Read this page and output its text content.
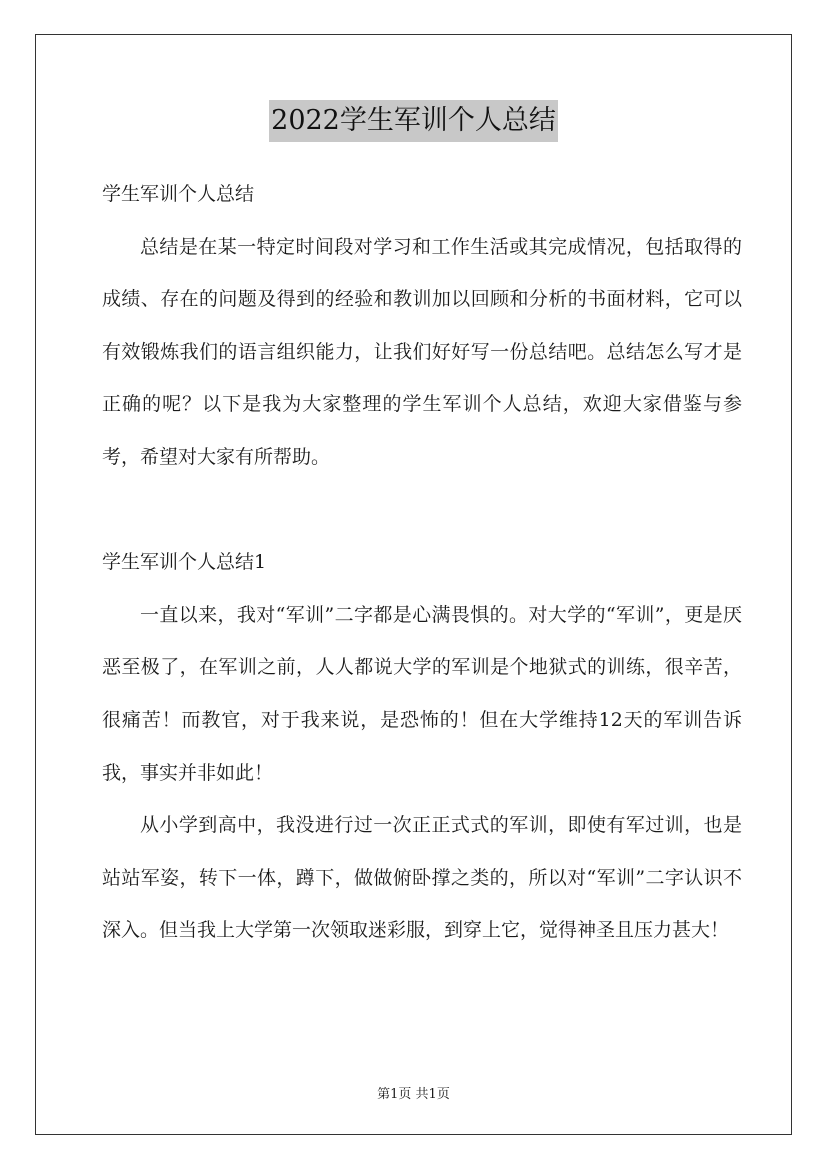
2022学生军训个人总结

学生军训个人总结

总结是在某一特定时间段对学习和工作生活或其完成情况，包括取得的成绩、存在的问题及得到的经验和教训加以回顾和分析的书面材料，它可以有效锻炼我们的语言组织能力，让我们好好写一份总结吧。总结怎么写才是正确的呢？以下是我为大家整理的学生军训个人总结，欢迎大家借鉴与参考，希望对大家有所帮助。

学生军训个人总结1

一直以来，我对“军训”二字都是心满畏惧的。对大学的“军训”，更是厌恶至极了，在军训之前，人人都说大学的军训是个地狱式的训练，很辛苦，很痛苦！而教官，对于我来说，是恐怖的！但在大学维持12天的军训告诉我，事实并非如此！

从小学到高中，我没进行过一次正正式式的军训，即使有军过训，也是站站军姿，转下一体，蹲下，做做俯卧撑之类的，所以对“军训”二字认识不深入。但当我上大学第一次领取迷彩服，到穿上它，觉得神圣且压力甚大！

第1页 共1页
